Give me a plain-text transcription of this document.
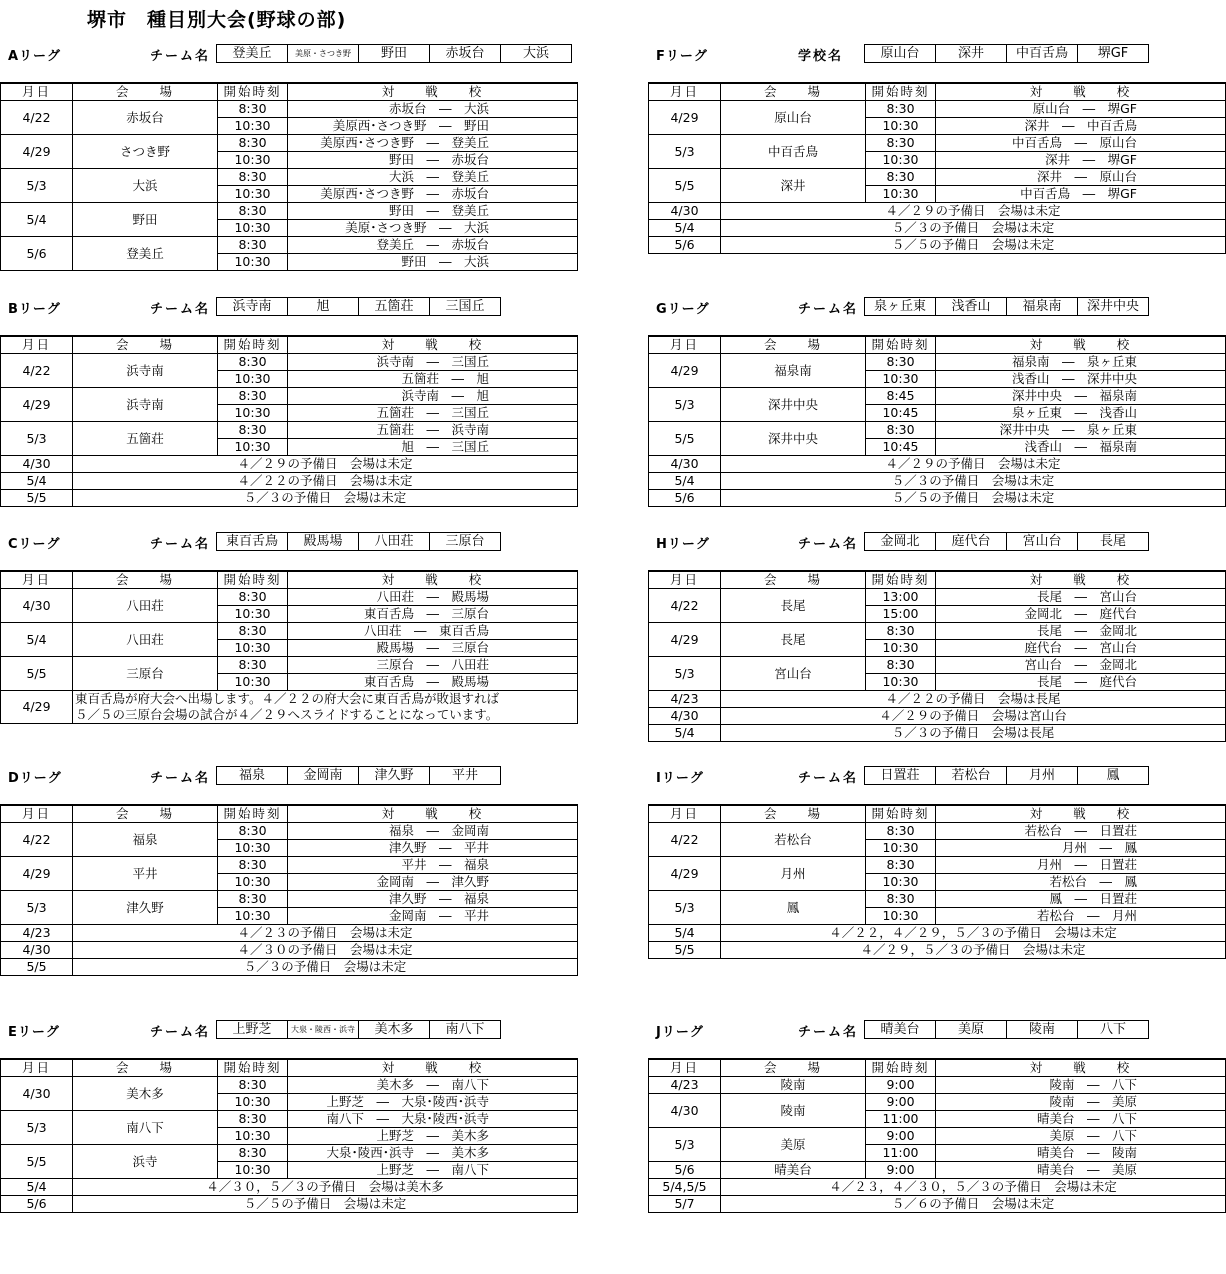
堺市　種目別大会(野球の部)
Aリーグ	チーム名	登美丘	美原・さつき野	野田	赤坂台	大浜
月日	会　　場	開始時刻	対　　戦　　校
4/22	赤坂台	8:30	赤坂台　―　大浜
		10:30	美原西･さつき野　―　野田
4/29	さつき野	8:30	美原西･さつき野　―　登美丘
		10:30	野田　―　赤坂台
5/3	大浜	8:30	大浜　―　登美丘
		10:30	美原西･さつき野　―　赤坂台
5/4	野田	8:30	野田　―　登美丘
		10:30	美原･さつき野　―　大浜
5/6	登美丘	8:30	登美丘　―　赤坂台
		10:30	野田　―　大浜
Bリーグ	チーム名	浜寺南	旭	五箇荘	三国丘
月日	会　　場	開始時刻	対　　戦　　校
4/22	浜寺南	8:30	浜寺南　―　三国丘
		10:30	五箇荘　―　旭
4/29	浜寺南	8:30	浜寺南　―　旭
		10:30	五箇荘　―　三国丘
5/3	五箇荘	8:30	五箇荘　―　浜寺南
		10:30	旭　―　三国丘
4/30	４／２９の予備日　会場は未定		
5/4	４／２２の予備日　会場は未定		
5/5	５／３の予備日　会場は未定		
Cリーグ	チーム名	東百舌鳥	殿馬場	八田荘	三原台
月日	会　　場	開始時刻	対　　戦　　校
4/30	八田荘	8:30	八田荘　―　殿馬場
		10:30	東百舌鳥　―　三原台
5/4	八田荘	8:30	八田荘　―　東百舌鳥
		10:30	殿馬場　―　三原台
5/5	三原台	8:30	三原台　―　八田荘
		10:30	東百舌鳥　―　殿馬場
4/29	東百舌鳥が府大会へ出場します。４／２２の府大会に東百舌鳥が敗退すれば
５／５の三原台会場の試合が４／２９へスライドすることになっています。		
Dリーグ	チーム名	福泉	金岡南	津久野	平井
月日	会　　場	開始時刻	対　　戦　　校
4/22	福泉	8:30	福泉　―　金岡南
		10:30	津久野　―　平井
4/29	平井	8:30	平井　―　福泉
		10:30	金岡南　―　津久野
5/3	津久野	8:30	津久野　―　福泉
		10:30	金岡南　―　平井
4/23	４／２３の予備日　会場は未定		
4/30	４／３０の予備日　会場は未定		
5/5	５／３の予備日　会場は未定		
Eリーグ	チーム名	上野芝	大泉・陵西・浜寺	美木多	南八下
月日	会　　場	開始時刻	対　　戦　　校
4/30	美木多	8:30	美木多　―　南八下
		10:30	上野芝　―　大泉･陵西･浜寺
5/3	南八下	8:30	南八下　―　大泉･陵西･浜寺
		10:30	上野芝　―　美木多
5/5	浜寺	8:30	大泉･陵西･浜寺　―　美木多
		10:30	上野芝　―　南八下
5/4	４／３０，５／３の予備日　会場は美木多		
5/6	５／５の予備日　会場は未定		
Fリーグ	学校名	原山台	深井	中百舌鳥	堺GF
月日	会　　場	開始時刻	対　　戦　　校
4/29	原山台	8:30	原山台　―　堺GF
		10:30	深井　―　中百舌鳥
5/3	中百舌鳥	8:30	中百舌鳥　―　原山台
		10:30	深井　―　堺GF
5/5	深井	8:30	深井　―　原山台
		10:30	中百舌鳥　―　堺GF
4/30	４／２９の予備日　会場は未定		
5/4	５／３の予備日　会場は未定		
5/6	５／５の予備日　会場は未定		
Gリーグ	チーム名	泉ヶ丘東	浅香山	福泉南	深井中央
月日	会　　場	開始時刻	対　　戦　　校
4/29	福泉南	8:30	福泉南　―　泉ヶ丘東
		10:30	浅香山　―　深井中央
5/3	深井中央	8:45	深井中央　―　福泉南
		10:45	泉ヶ丘東　―　浅香山
5/5	深井中央	8:30	深井中央　―　泉ヶ丘東
		10:45	浅香山　―　福泉南
4/30	４／２９の予備日　会場は未定		
5/4	５／３の予備日　会場は未定		
5/6	５／５の予備日　会場は未定		
Hリーグ	チーム名	金岡北	庭代台	宮山台	長尾
月日	会　　場	開始時刻	対　　戦　　校
4/22	長尾	13:00	長尾　―　宮山台
		15:00	金岡北　―　庭代台
4/29	長尾	8:30	長尾　―　金岡北
		10:30	庭代台　―　宮山台
5/3	宮山台	8:30	宮山台　―　金岡北
		10:30	長尾　―　庭代台
4/23	４／２２の予備日　会場は長尾		
4/30	４／２９の予備日　会場は宮山台		
5/4	５／３の予備日　会場は長尾		
Iリーグ	チーム名	日置荘	若松台	月州	鳳
月日	会　　場	開始時刻	対　　戦　　校
4/22	若松台	8:30	若松台　―　日置荘
		10:30	月州　―　鳳
4/29	月州	8:30	月州　―　日置荘
		10:30	若松台　―　鳳
5/3	鳳	8:30	鳳　―　日置荘
		10:30	若松台　―　月州
5/4	４／２２，４／２９，５／３の予備日　会場は未定		
5/5	４／２９，５／３の予備日　会場は未定		
Jリーグ	チーム名	晴美台	美原	陵南	八下
月日	会　　場	開始時刻	対　　戦　　校
4/23	陵南	9:00	陵南　―　八下
4/30	陵南	9:00	陵南　―　美原
		11:00	晴美台　―　八下
5/3	美原	9:00	美原　―　八下
		11:00	晴美台　―　陵南
5/6	晴美台	9:00	晴美台　―　美原
5/4,5/5	４／２３，４／３０，５／３の予備日　会場は未定		
5/7	５／６の予備日　会場は未定		
